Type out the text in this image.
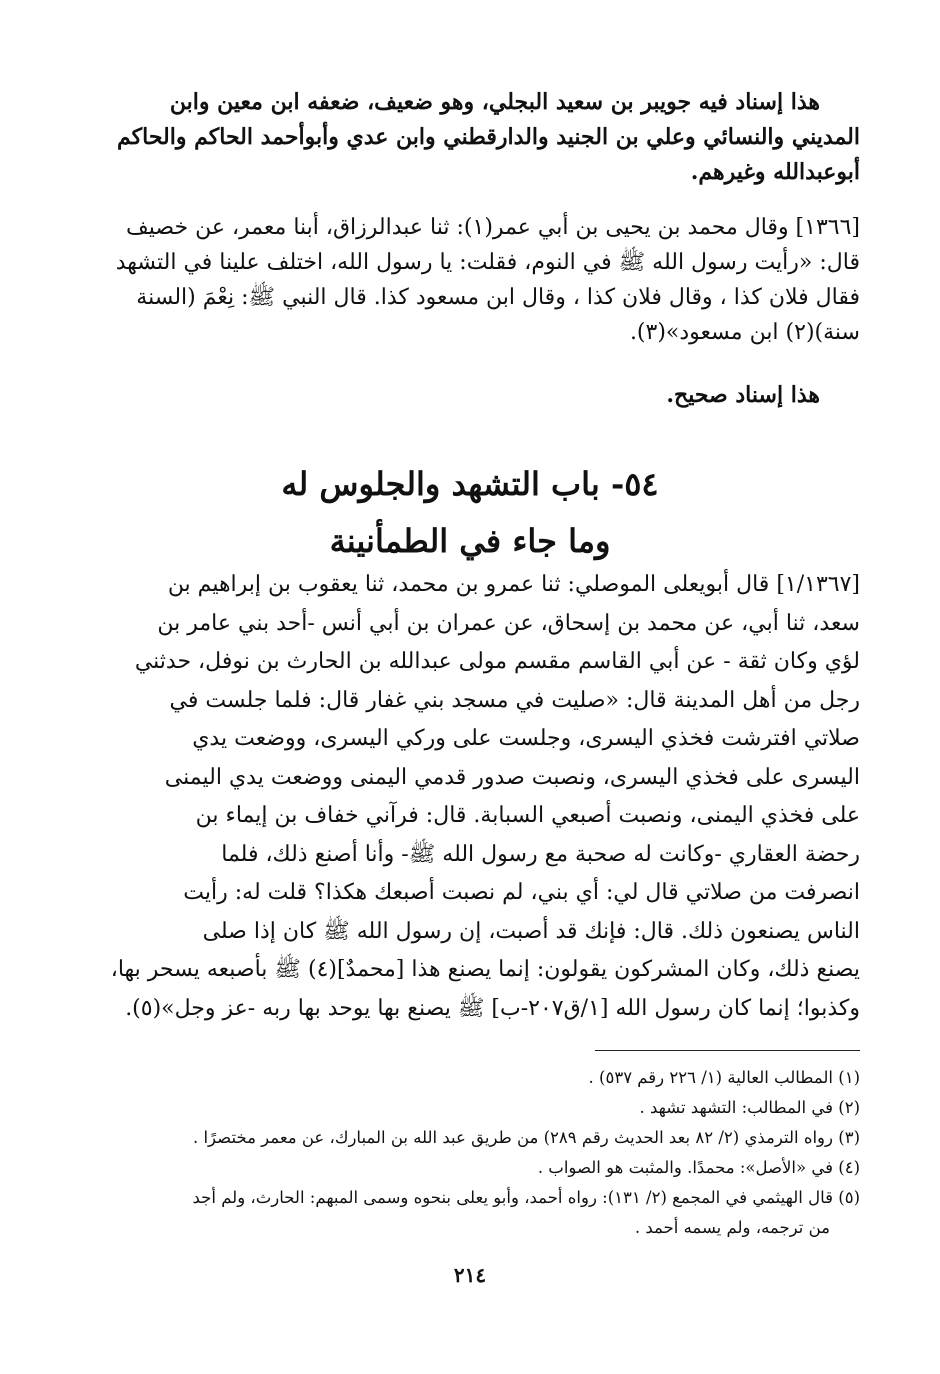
هذا إسناد فيه جويبر بن سعيد البجلي، وهو ضعيف، ضعفه ابن معين وابن
المديني والنسائي وعلي بن الجنيد والدارقطني وابن عدي وأبوأحمد الحاكم والحاكم
أبوعبدالله وغيرهم.
[١٣٦٦] وقال محمد بن يحيى بن أبي عمر(١): ثنا عبدالرزاق، أبنا معمر، عن خصيف
قال: «رأيت رسول الله ﷺ في النوم، فقلت: يا رسول الله، اختلف علينا في التشهد
فقال فلان كذا ، وقال فلان كذا ، وقال ابن مسعود كذا. قال النبي ﷺ: نِعْمَ (السنة
سنة)(٢) ابن مسعود»(٣).
هذا إسناد صحيح.
٥٤- باب التشهد والجلوس له
وما جاء في الطمأنينة
[١/١٣٦٧] قال أبويعلى الموصلي: ثنا عمرو بن محمد، ثنا يعقوب بن إبراهيم بن
سعد، ثنا أبي، عن محمد بن إسحاق، عن عمران بن أبي أنس -أحد بني عامر بن
لؤي وكان ثقة - عن أبي القاسم مقسم مولى عبدالله بن الحارث بن نوفل، حدثني
رجل من أهل المدينة قال: «صليت في مسجد بني غفار قال: فلما جلست في
صلاتي افترشت فخذي اليسرى، وجلست على وركي اليسرى، ووضعت يدي
اليسرى على فخذي اليسرى، ونصبت صدور قدمي اليمنى ووضعت يدي اليمنى
على فخذي اليمنى، ونصبت أصبعي السبابة. قال: فرآني خفاف بن إيماء بن
رحضة العقاري -وكانت له صحبة مع رسول الله ﷺ- وأنا أصنع ذلك، فلما
انصرفت من صلاتي قال لي: أي بني، لم نصبت أصبعك هكذا؟ قلت له: رأيت
الناس يصنعون ذلك. قال: فإنك قد أصبت، إن رسول الله ﷺ كان إذا صلى
يصنع ذلك، وكان المشركون يقولون: إنما يصنع هذا [محمدٌ](٤) ﷺ بأصبعه يسحر بها،
وكذبوا؛ إنما كان رسول الله [١/ق٢٠٧-ب] ﷺ يصنع بها يوحد بها ربه -عز وجل»(٥).
(١) المطالب العالية (١/ ٢٢٦ رقم ٥٣٧) .
(٢) في المطالب: التشهد تشهد .
(٣) رواه الترمذي (٢/ ٨٢ بعد الحديث رقم ٢٨٩) من طريق عبد الله بن المبارك، عن معمر مختصرًا .
(٤) في «الأصل»: محمدًا. والمثبت هو الصواب .
(٥) قال الهيثمي في المجمع (٢/ ١٣١): رواه أحمد، وأبو يعلى بنحوه وسمى المبهم: الحارث، ولم أجد
من ترجمه، ولم يسمه أحمد .
٢١٤
